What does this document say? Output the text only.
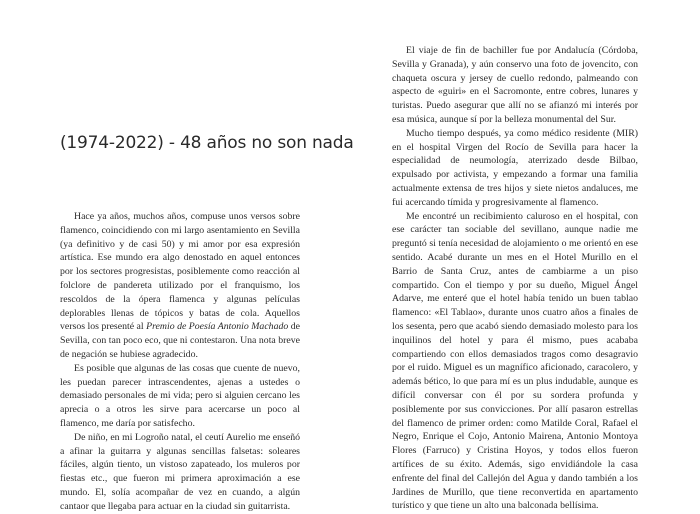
(1974-2022) - 48 años no son nada

Hace ya años, muchos años, compuse unos versos sobre flamenco, coincidiendo con mi largo asentamiento en Sevilla (ya definitivo y de casi 50) y mi amor por esa expresión artística. Ese mundo era algo denostado en aquel entonces por los sectores progresistas, posiblemente como reacción al folclore de pandereta utilizado por el franquismo, los rescoldos de la ópera flamenca y algunas películas deplorables llenas de tópicos y batas de cola. Aquellos versos los presenté al Premio de Poesía Antonio Machado de Sevilla, con tan poco eco, que ni contestaron. Una nota breve de negación se hubiese agradecido.

Es posible que algunas de las cosas que cuente de nuevo, les puedan parecer intrascendentes, ajenas a ustedes o demasiado personales de mi vida; pero si alguien cercano les aprecia o a otros les sirve para acercarse un poco al flamenco, me daría por satisfecho.

De niño, en mi Logroño natal, el ceutí Aurelio me enseñó a afinar la guitarra y algunas sencillas falsetas: soleares fáciles, algún tiento, un vistoso zapateado, los muleros por fiestas etc., que fueron mi primera aproximación a ese mundo. El, solía acompañar de vez en cuando, a algún cantaor que llegaba para actuar en la ciudad sin guitarrista.

El viaje de fin de bachiller fue por Andalucía (Córdoba, Sevilla y Granada), y aún conservo una foto de jovencito, con chaqueta oscura y jersey de cuello redondo, palmeando con aspecto de «guiri» en el Sacromonte, entre cobres, lunares y turistas. Puedo asegurar que allí no se afianzó mi interés por esa música, aunque sí por la belleza monumental del Sur.

Mucho tiempo después, ya como médico residente (MIR) en el hospital Virgen del Rocío de Sevilla para hacer la especialidad de neumología, aterrizado desde Bilbao, expulsado por activista, y empezando a formar una familia actualmente extensa de tres hijos y siete nietos andaluces, me fui acercando tímida y progresivamente al flamenco.

Me encontré un recibimiento caluroso en el hospital, con ese carácter tan sociable del sevillano, aunque nadie me preguntó si tenía necesidad de alojamiento o me orientó en ese sentido. Acabé durante un mes en el Hotel Murillo en el Barrio de Santa Cruz, antes de cambiarme a un piso compartido. Con el tiempo y por su dueño, Miguel Ángel Adarve, me enteré que el hotel había tenido un buen tablao flamenco: «El Tablao», durante unos cuatro años a finales de los sesenta, pero que acabó siendo demasiado molesto para los inquilinos del hotel y para él mismo, pues acababa compartiendo con ellos demasiados tragos como desagravio por el ruido. Miguel es un magnífico aficionado, caracolero, y además bético, lo que para mí es un plus indudable, aunque es difícil conversar con él por su sordera profunda y posiblemente por sus convicciones. Por allí pasaron estrellas del flamenco de primer orden: como Matilde Coral, Rafael el Negro, Enrique el Cojo, Antonio Mairena, Antonio Montoya Flores (Farruco) y Cristina Hoyos, y todos ellos fueron artífices de su éxito. Además, sigo envidiándole la casa enfrente del final del Callejón del Agua y dando también a los Jardines de Murillo, que tiene reconvertida en apartamento turístico y que tiene un alto una balconada bellísima.
